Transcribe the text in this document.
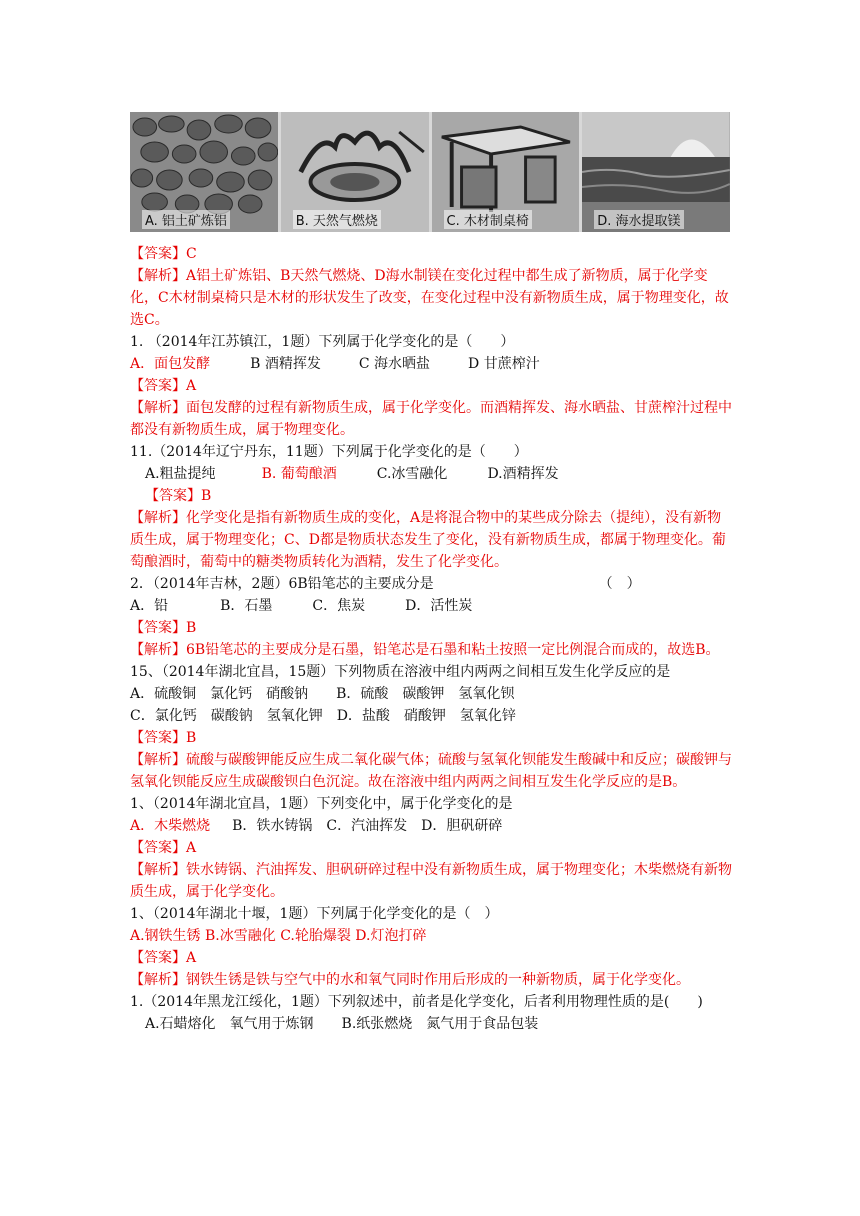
A. 铝土矿炼铝	B. 天然气燃烧	C. 木材制桌椅	D. 海水提取镁
【答案】C
【解析】A铝土矿炼铝、B天然气燃烧、D海水制镁在变化过程中都生成了新物质，属于化学变化，C木材制桌椅只是木材的形状发生了改变，在变化过程中没有新物质生成，属于物理变化，故选C。
1. （2014年江苏镇江，1题）下列属于化学变化的是（　　）
A．面包发酵	B 酒精挥发	C 海水晒盐	D 甘蔗榨汁
【答案】A
【解析】面包发酵的过程有新物质生成，属于化学变化。而酒精挥发、海水晒盐、甘蔗榨汁过程中都没有新物质生成，属于物理变化。
11.（2014年辽宁丹东，11题）下列属于化学变化的是（　　）
A.粗盐提纯	B. 葡萄酿酒	C.冰雪融化	D.酒精挥发
【答案】B
【解析】化学变化是指有新物质生成的变化，A是将混合物中的某些成分除去（提纯），没有新物质生成，属于物理变化；C、D都是物质状态发生了变化，没有新物质生成，都属于物理变化。葡萄酿酒时，葡萄中的糖类物质转化为酒精，发生了化学变化。
2．（2014年吉林，2题）6B铅笔芯的主要成分是	（　）
A．铅	B．石墨	C．焦炭	D．活性炭
【答案】B
【解析】6B铅笔芯的主要成分是石墨，铅笔芯是石墨和粘土按照一定比例混合而成的，故选B。
15、（2014年湖北宜昌，15题）下列物质在溶液中组内两两之间相互发生化学反应的是
A．硫酸铜　氯化钙　硝酸钠　　B．硫酸　碳酸钾　氢氧化钡
C．氯化钙　碳酸钠　氢氧化钾　D．盐酸　硝酸钾　氢氧化锌
【答案】B
【解析】硫酸与碳酸钾能反应生成二氧化碳气体；硫酸与氢氧化钡能发生酸碱中和反应；碳酸钾与氢氧化钡能反应生成碳酸钡白色沉淀。故在溶液中组内两两之间相互发生化学反应的是B。
1、（2014年湖北宜昌，1题）下列变化中，属于化学变化的是
A．木柴燃烧 B．铁水铸锅　C．汽油挥发　D．胆矾研碎
【答案】A
【解析】铁水铸锅、汽油挥发、胆矾研碎过程中没有新物质生成，属于物理变化；木柴燃烧有新物质生成，属于化学变化。
1、（2014年湖北十堰，1题）下列属于化学变化的是（　）
A.钢铁生锈 B.冰雪融化 C.轮胎爆裂 D.灯泡打碎
【答案】A
【解析】钢铁生锈是铁与空气中的水和氧气同时作用后形成的一种新物质，属于化学变化。
1.（2014年黑龙江绥化，1题）下列叙述中，前者是化学变化，后者利用物理性质的是(　　)
A.石蜡熔化　氧气用于炼钢　　B.纸张燃烧　氮气用于食品包装
